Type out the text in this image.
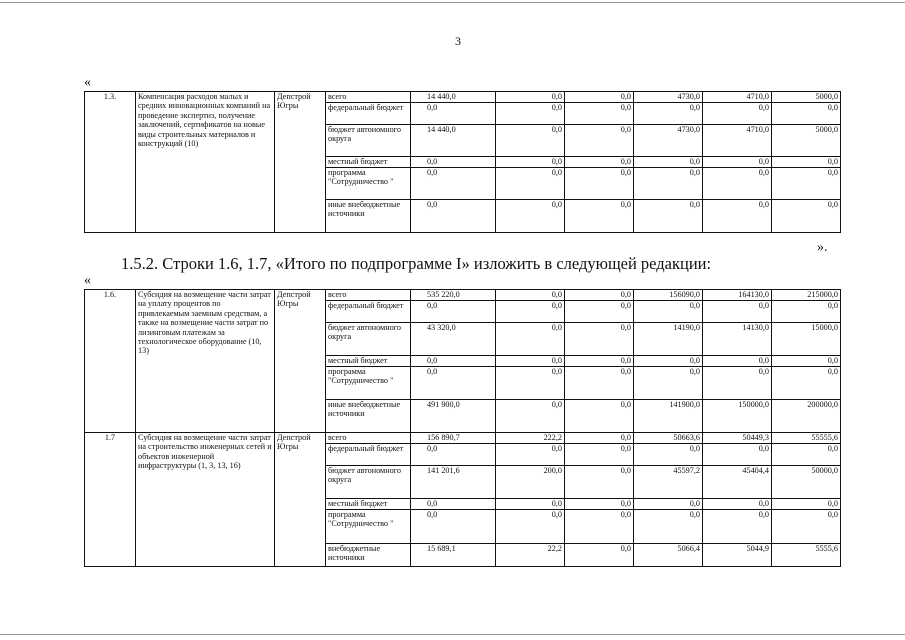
3
«
1.3.	Компенсация расходов малых и средних инновационных компаний на проведение экспертиз, получение заключений, сертификатов на новые виды строительных материалов и конструкций (10)	Депстрой Югры	всего	14 440,0	0,0	0,0	4730,0	4710,0	5000,0
			федеральный бюджет	0,0	0,0	0,0	0,0	0,0	0,0
			бюджет автономного округа	14 440,0	0,0	0,0	4730,0	4710,0	5000,0
			местный бюджет	0,0	0,0	0,0	0,0	0,0	0,0
			программа "Сотрудничество "	0,0	0,0	0,0	0,0	0,0	0,0
			иные внебюджетные источники	0,0	0,0	0,0	0,0	0,0	0,0
».
1.5.2. Строки 1.6, 1.7, «Итого по подпрограмме I» изложить в следующей редакции:
«
1.6.	Субсидия на возмещение части затрат на уплату процентов по привлекаемым заемным средствам, а также на возмещение части затрат по лизинговым платежам за технологическое оборудование (10, 13)	Депстрой Югры	всего	535 220,0	0,0	0,0	156090,0	164130,0	215000,0
			федеральный бюджет	0,0	0,0	0,0	0,0	0,0	0,0
			бюджет автономного округа	43 320,0	0,0	0,0	14190,0	14130,0	15000,0
			местный бюджет	0,0	0,0	0,0	0,0	0,0	0,0
			программа "Сотрудничество "	0,0	0,0	0,0	0,0	0,0	0,0
			иные внебюджетные источники	491 900,0	0,0	0,0	141900,0	150000,0	200000,0
1.7	Субсидия на возмещение части затрат на строительство инженерных сетей и объектов инженерной инфраструктуры (1, 3, 13, 16)	Депстрой Югры	всего	156 890,7	222,2	0,0	50663,6	50449,3	55555,6
			федеральный бюджет	0,0	0,0	0,0	0,0	0,0	0,0
			бюджет автономного округа	141 201,6	200,0	0,0	45597,2	45404,4	50000,0
			местный бюджет	0,0	0,0	0,0	0,0	0,0	0,0
			программа "Сотрудничество "	0,0	0,0	0,0	0,0	0,0	0,0
			внебюджетные источники	15 689,1	22,2	0,0	5066,4	5044,9	5555,6
